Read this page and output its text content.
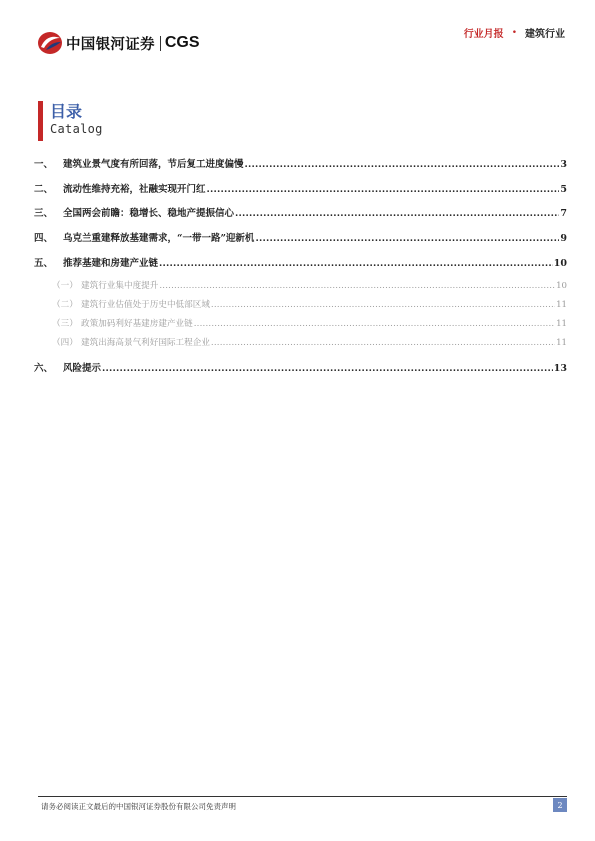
中国银河证券 CGS	行业月报 • 建筑行业
目录
Catalog
一、	建筑业景气度有所回落，节后复工进度偏慢 .....	3
二、	流动性维持充裕，社融实现开门红 .....	5
三、	全国两会前瞻：稳增长、稳地产提振信心 .....	7
四、	乌克兰重建释放基建需求，“一带一路”迎新机 .....	9
五、	推荐基建和房建产业链 .....	10
（一） 建筑行业集中度提升 .....	10
（二） 建筑行业估值处于历史中低部区域 .....	11
（三） 政策加码利好基建房建产业链 .....	11
（四） 建筑出海高景气利好国际工程企业 .....	11
六、	风险提示 .....	13
请务必阅读正文最后的中国银河证券股份有限公司免责声明	2
